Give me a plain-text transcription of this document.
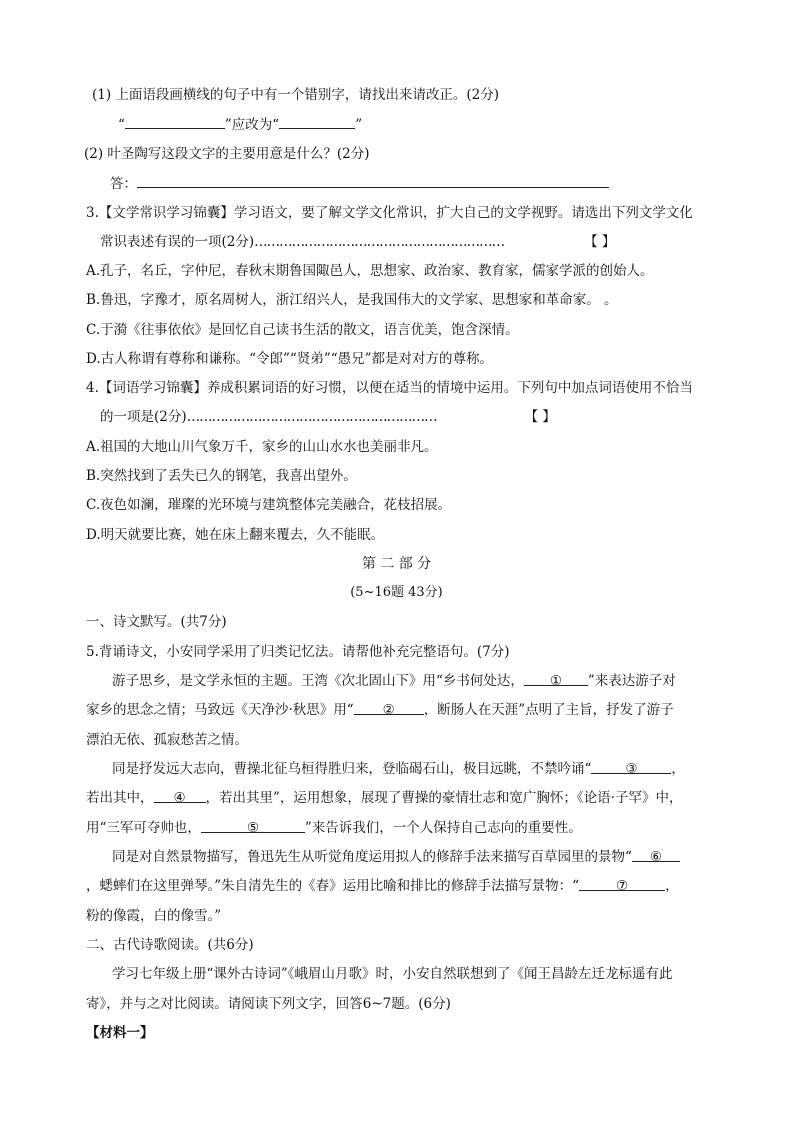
(1) 上面语段画横线的句子中有一个错别字，请找出来请改正。(2分)
“	”应改为“	”
(2) 叶圣陶写这段文字的主要用意是什么？(2分)
答：
3.【文学常识学习锦囊】学习语文，要了解文学文化常识，扩大自己的文学视野。请选出下列文学文化
常识表述有误的一项(2分)……………………………………………………	【 】
A.孔子，名丘，字仲尼，春秋末期鲁国陬邑人，思想家、政治家、教育家，儒家学派的创始人。
B.鲁迅，字豫才，原名周树人，浙江绍兴人，是我国伟大的文学家、思想家和革命家。 。
C.于漪《往事依依》是回忆自己读书生活的散文，语言优美，饱含深情。
D.古人称谓有尊称和谦称。“令郎”“贤弟”“愚兄”都是对对方的尊称。
4.【词语学习锦囊】养成积累词语的好习惯，以便在适当的情境中运用。下列句中加点词语使用不恰当
的一项是(2分)……………………………………………………	【 】
A.祖国的大地山川气象万千，家乡的山山水水也美丽非凡。
B.突然找到了丢失已久的钢笔，我喜出望外。
C.夜色如澜，璀璨的光环境与建筑整体完美融合，花枝招展。
D.明天就要比赛，她在床上翻来覆去，久不能眠。
第 二 部 分
(5~16题 43分)
一、诗文默写。(共7分)
5.背诵诗文，小安同学采用了归类记忆法。请帮他补充完整语句。(7分)
游子思乡，是文学永恒的主题。王湾《次北固山下》用“乡书何处达， ① ”来表达游子对
家乡的思念之情；马致远《天净沙·秋思》用“ ② ，断肠人在天涯”点明了主旨，抒发了游子
漂泊无依、孤寂愁苦之情。
同是抒发远大志向，曹操北征乌桓得胜归来，登临碣石山，极目远眺，不禁吟诵“	③	，
若出其中， ④ ，若出其里”，运用想象，展现了曹操的豪情壮志和宽广胸怀；《论语·子罕》中，
用“三军可夺帅也，	⑤	”来告诉我们，一个人保持自己志向的重要性。
同是对自然景物描写，鲁迅先生从听觉角度运用拟人的修辞手法来描写百草园里的景物“ ⑥
，蟋蟀们在这里弹琴。”朱自清先生的《春》运用比喻和排比的修辞手法描写景物：“	⑦	，
粉的像霞，白的像雪。”
二、古代诗歌阅读。(共6分)
学习七年级上册“课外古诗词”《峨眉山月歌》时，小安自然联想到了《闻王昌龄左迁龙标遥有此
寄》，并与之对比阅读。请阅读下列文字，回答6~7题。(6分)
【材料一】
